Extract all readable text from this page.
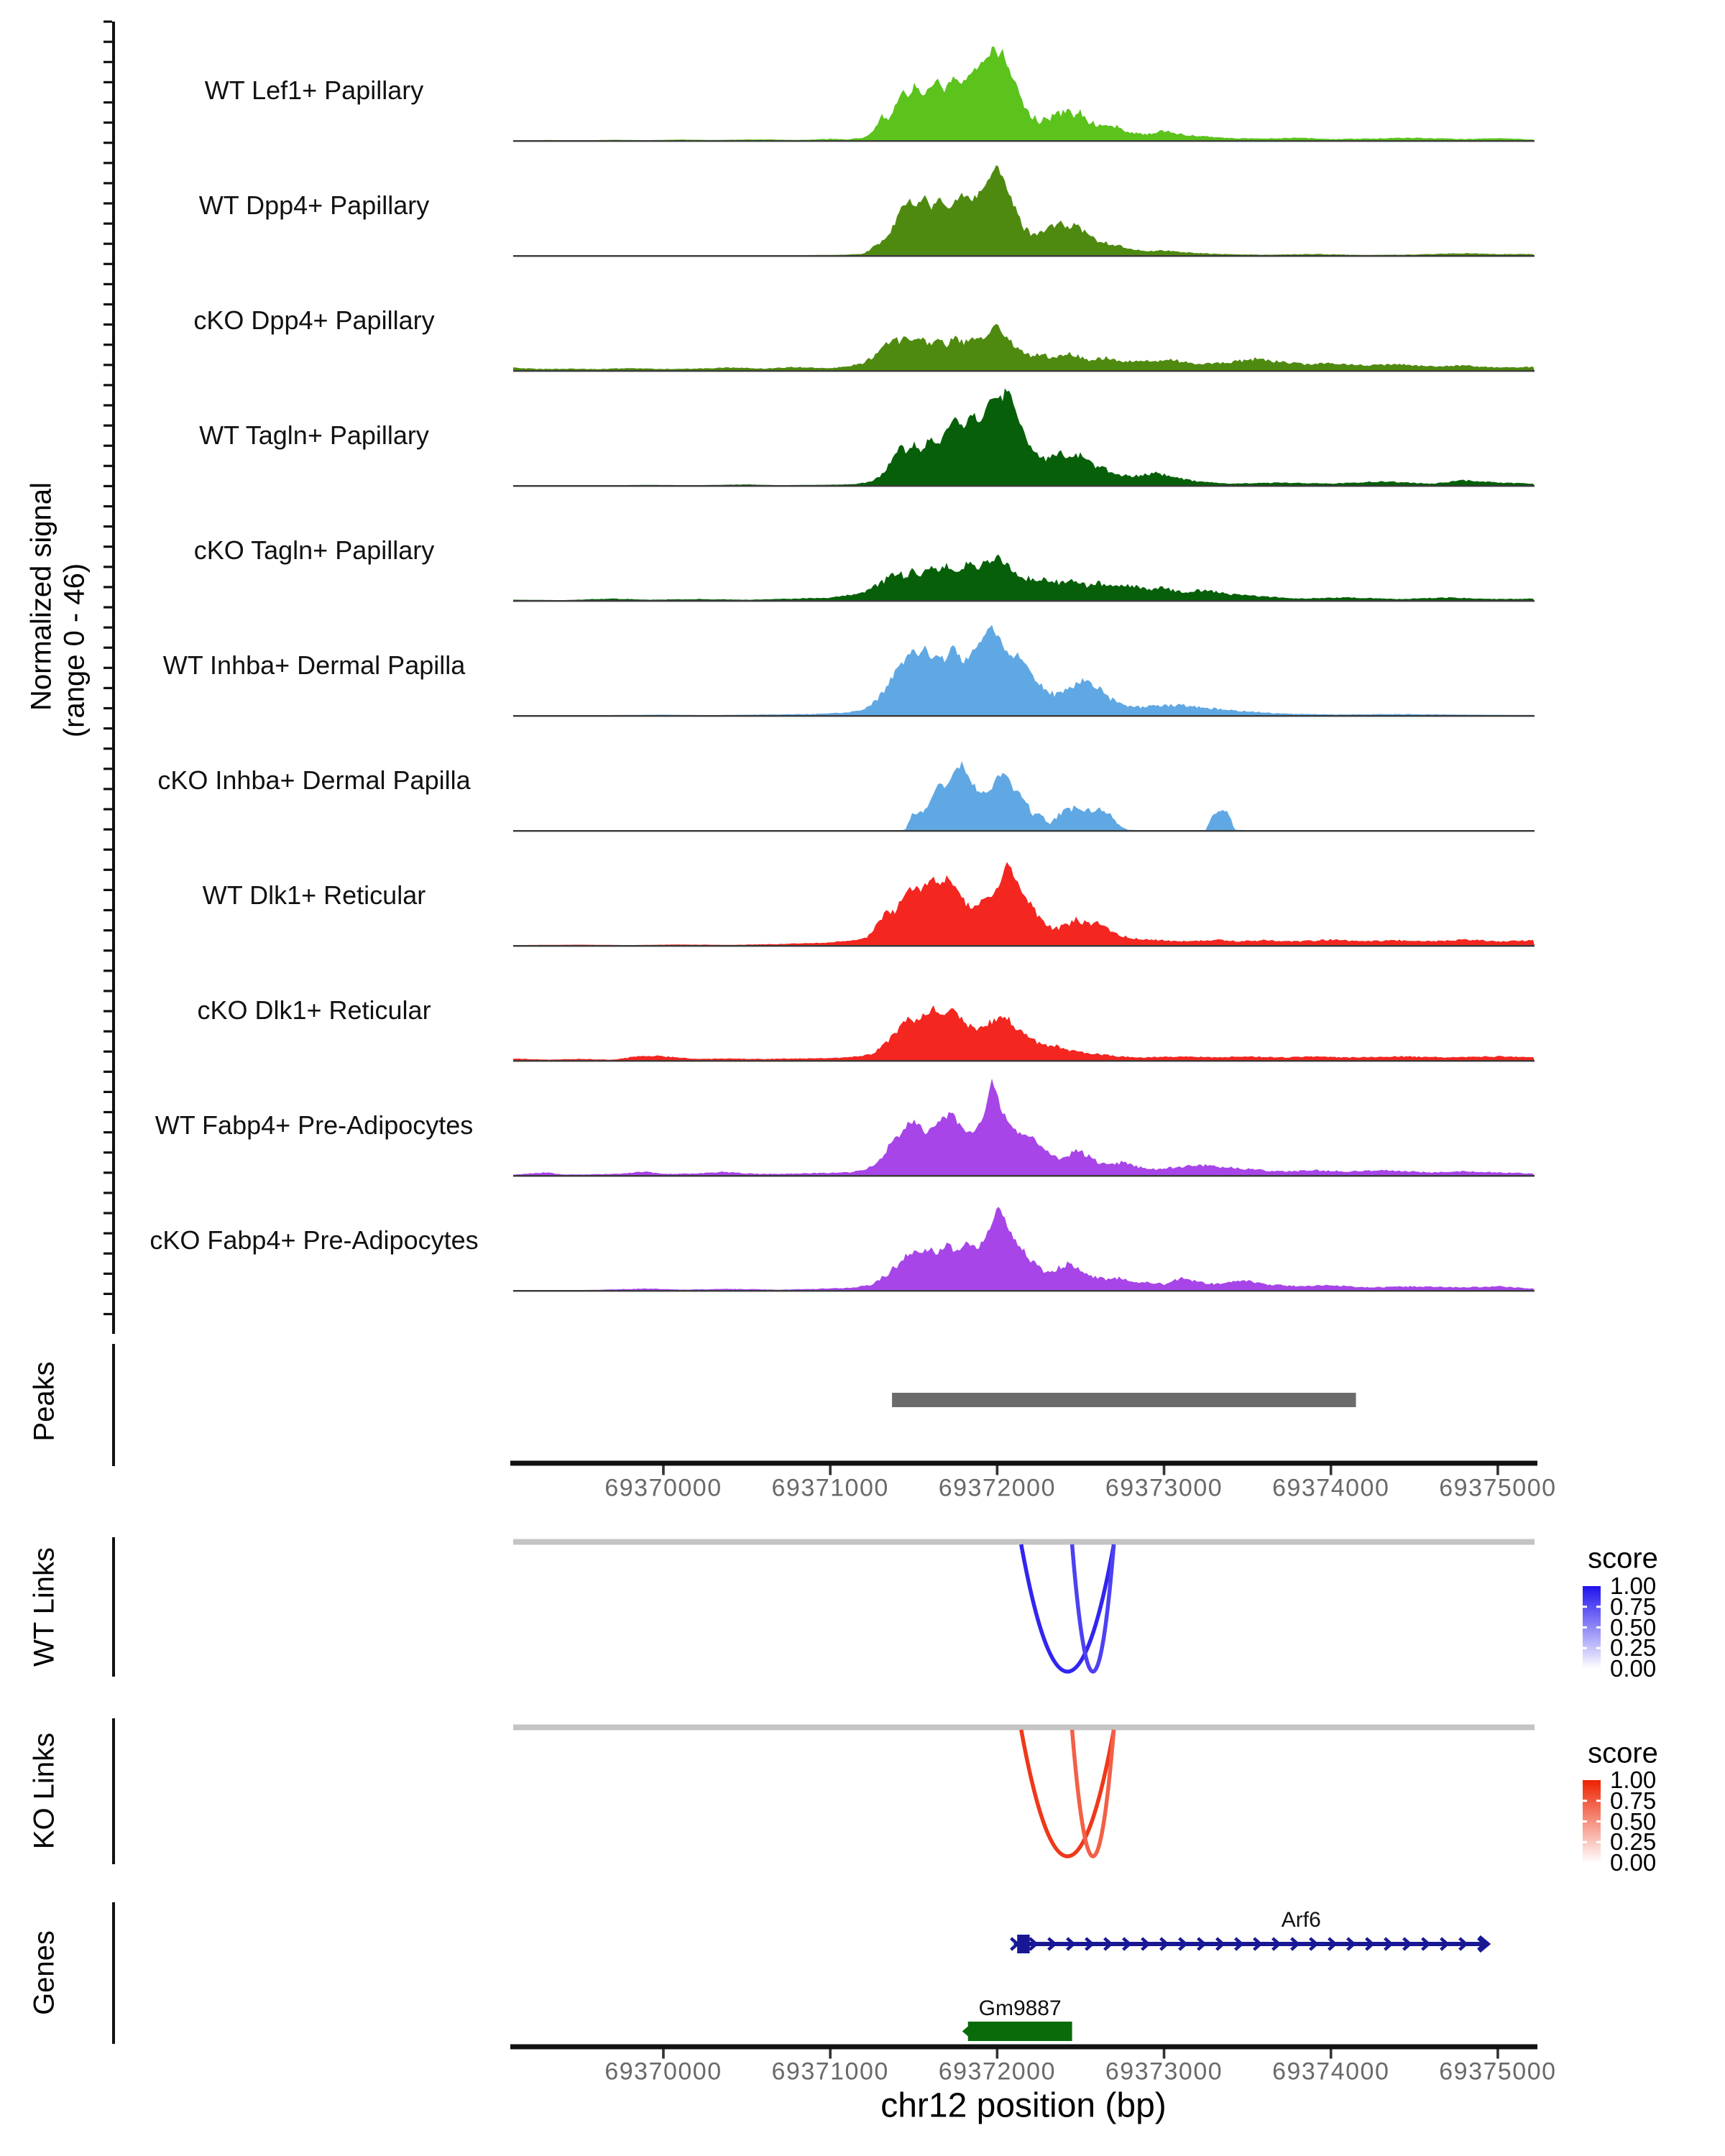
Normalized signal (range 0 - 46)
Peaks
WT Links
KO Links
Genes
score
score
chr12 position (bp)
WT Lef1+ Papillary
WT Dpp4+ Papillary
cKO Dpp4+ Papillary
WT Tagln+ Papillary
cKO Tagln+ Papillary
WT Inhba+ Dermal Papilla
cKO Inhba+ Dermal Papilla
WT Dlk1+ Reticular
cKO Dlk1+ Reticular
WT Fabp4+ Pre-Adipocytes
cKO Fabp4+ Pre-Adipocytes
69370000 69371000 69372000 69373000 69374000 69375000
69370000 69371000 69372000 69373000 69374000 69375000
1.00
0.75
0.50
0.25
0.00
1.00
0.75
0.50
0.25
0.00
Arf6
Gm9887
